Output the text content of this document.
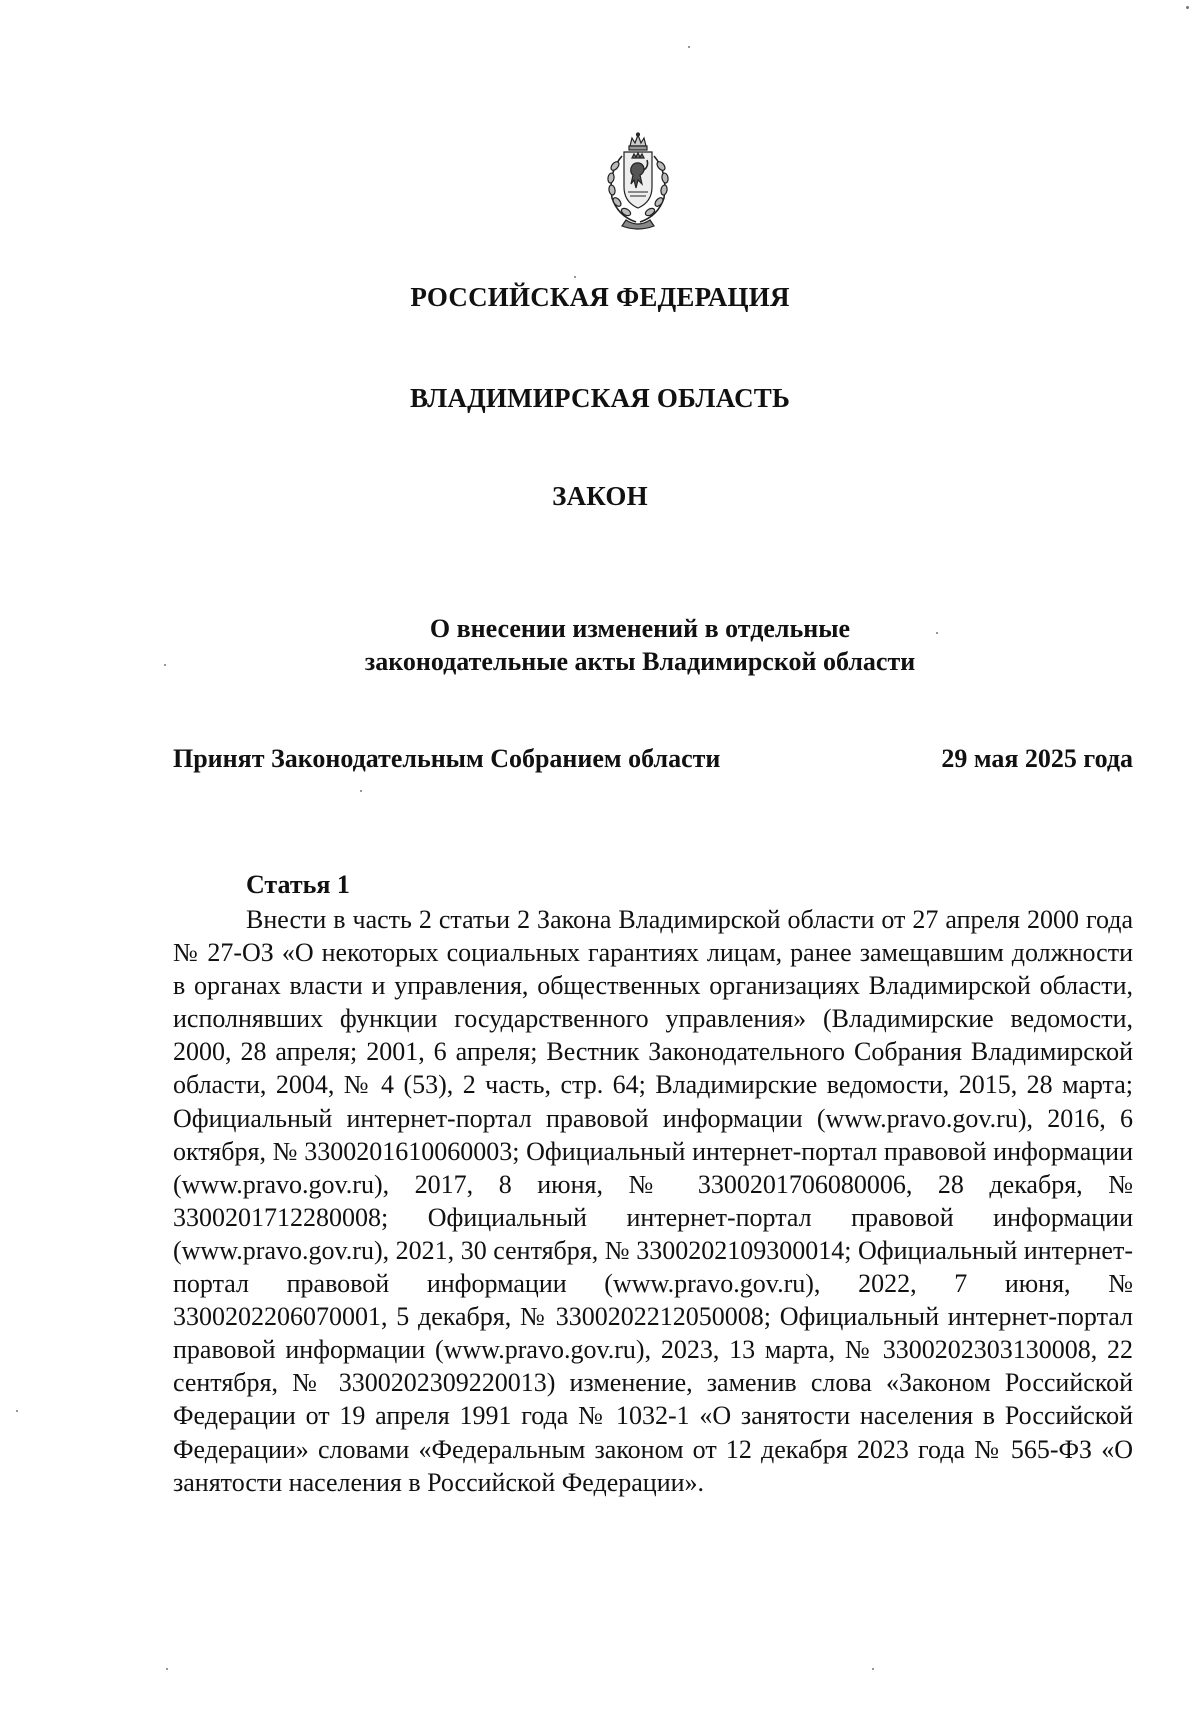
РОССИЙСКАЯ ФЕДЕРАЦИЯ
ВЛАДИМИРСКАЯ ОБЛАСТЬ
ЗАКОН
О внесении изменений в отдельные
законодательные акты Владимирской области
Принят Законодательным Собранием области	29 мая 2025 года
Статья 1

Внести в часть 2 статьи 2 Закона Владимирской области от 27 апреля 2000 года № 27-ОЗ «О некоторых социальных гарантиях лицам, ранее замещавшим должности в органах власти и управления, общественных организациях Владимирской области, исполнявших функции государственного управления» (Владимирские ведомости, 2000, 28 апреля; 2001, 6 апреля; Вестник Законодательного Собрания Владимирской области, 2004, № 4 (53), 2 часть, стр. 64; Владимирские ведомости, 2015, 28 марта; Официальный интернет-портал правовой информации (www.pravo.gov.ru), 2016, 6 октября, № 3300201610060003; Официальный интернет-портал правовой информации (www.pravo.gov.ru), 2017, 8 июня, № 3300201706080006, 28 декабря, № 3300201712280008; Официальный интернет-портал правовой информации (www.pravo.gov.ru), 2021, 30 сентября, № 3300202109300014; Официальный интернет-портал правовой информации (www.pravo.gov.ru), 2022, 7 июня, № 3300202206070001, 5 декабря, № 3300202212050008; Официальный интернет-портал правовой информации (www.pravo.gov.ru), 2023, 13 марта, № 3300202303130008, 22 сентября, № 3300202309220013) изменение, заменив слова «Законом Российской Федерации от 19 апреля 1991 года № 1032-1 «О занятости населения в Российской Федерации» словами «Федеральным законом от 12 декабря 2023 года № 565-ФЗ «О занятости населения в Российской Федерации».
